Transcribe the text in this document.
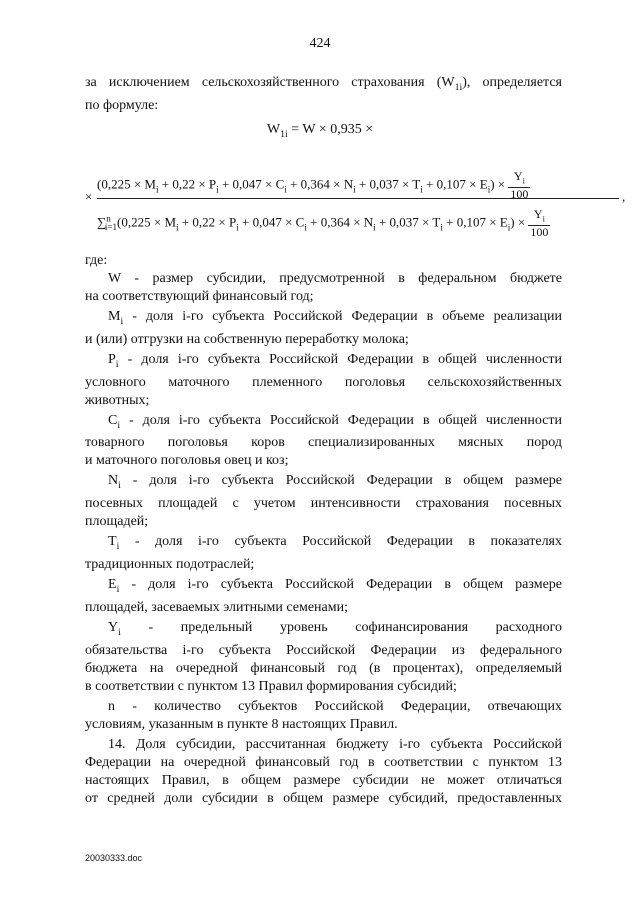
424
за исключением сельскохозяйственного страхования $(W_{1i})$, определяется
по формуле:
$W_{1i} = W \times 0,935$ ×
$(0,225 \times M_i + 0,22 \times P_i + 0,047 \times C_i + 0,364 \times N_i + 0,037 \times T_i + 0,107 \times E_i) \times \frac{Y_i}{100}$
×	,
$\sum^n_{i=1}(0,225 \times M_i + 0,22 \times P_i + 0,047 \times C_i + 0,364 \times N_i + 0,037 \times T_i + 0,107 \times E_i) \times \frac{Y_i}{100}$
где:
W - размер субсидии, предусмотренной в федеральном бюджете
на соответствующий финансовый год;
$M_i$ - доля i-го субъекта Российской Федерации в объеме реализации
и (или) отгрузки на собственную переработку молока;
$P_i$ - доля i-го субъекта Российской Федерации в общей численности
условного маточного племенного поголовья сельскохозяйственных
животных;
$C_i$ - доля i-го субъекта Российской Федерации в общей численности
товарного поголовья коров специализированных мясных пород
и маточного поголовья овец и коз;
$N_i$ - доля i-го субъекта Российской Федерации в общем размере
посевных площадей с учетом интенсивности страхования посевных
площадей;
$T_i$ - доля i-го субъекта Российской Федерации в показателях
традиционных подотраслей;
$E_i$ - доля i-го субъекта Российской Федерации в общем размере
площадей, засеваемых элитными семенами;
$Y_i$ - предельный уровень софинансирования расходного
обязательства i-го субъекта Российской Федерации из федерального
бюджета на очередной финансовый год (в процентах), определяемый
в соответствии с пунктом 13 Правил формирования субсидий;
n - количество субъектов Российской Федерации, отвечающих
условиям, указанным в пункте 8 настоящих Правил.
14. Доля субсидии, рассчитанная бюджету i-го субъекта Российской
Федерации на очередной финансовый год в соответствии с пунктом 13
настоящих Правил, в общем размере субсидии не может отличаться
от средней доли субсидии в общем размере субсидий, предоставленных
20030333.doc
